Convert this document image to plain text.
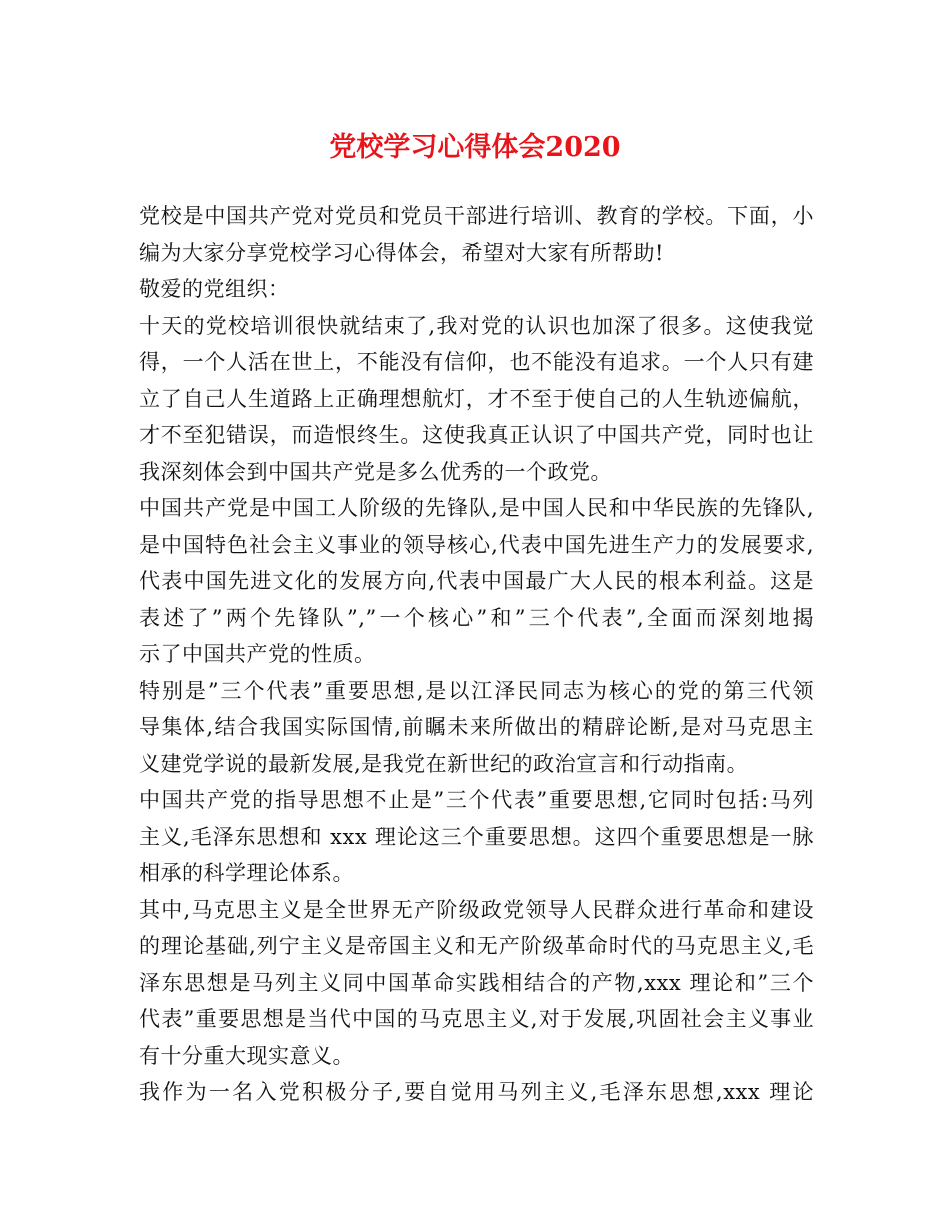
党校学习心得体会2020
党校是中国共产党对党员和党员干部进行培训、教育的学校。下面，小
编为大家分享党校学习心得体会，希望对大家有所帮助!
敬爱的党组织：
十天的党校培训很快就结束了,我对党的认识也加深了很多。这使我觉
得，一个人活在世上，不能没有信仰，也不能没有追求。一个人只有建
立了自己人生道路上正确理想航灯，才不至于使自己的人生轨迹偏航，
才不至犯错误，而造恨终生。这使我真正认识了中国共产党，同时也让
我深刻体会到中国共产党是多么优秀的一个政党。
中国共产党是中国工人阶级的先锋队,是中国人民和中华民族的先锋队,
是中国特色社会主义事业的领导核心,代表中国先进生产力的发展要求,
代表中国先进文化的发展方向,代表中国最广大人民的根本利益。这是
表述了”两个先锋队”,”一个核心”和”三个代表”,全面而深刻地揭
示了中国共产党的性质。
特别是”三个代表”重要思想,是以江泽民同志为核心的党的第三代领
导集体,结合我国实际国情,前瞩未来所做出的精辟论断,是对马克思主
义建党学说的最新发展,是我党在新世纪的政治宣言和行动指南。
中国共产党的指导思想不止是”三个代表”重要思想,它同时包括:马列
主义,毛泽东思想和 xxx 理论这三个重要思想。这四个重要思想是一脉
相承的科学理论体系。
其中,马克思主义是全世界无产阶级政党领导人民群众进行革命和建设
的理论基础,列宁主义是帝国主义和无产阶级革命时代的马克思主义,毛
泽东思想是马列主义同中国革命实践相结合的产物,xxx 理论和”三个
代表”重要思想是当代中国的马克思主义,对于发展,巩固社会主义事业
有十分重大现实意义。
我作为一名入党积极分子,要自觉用马列主义,毛泽东思想,xxx 理论
